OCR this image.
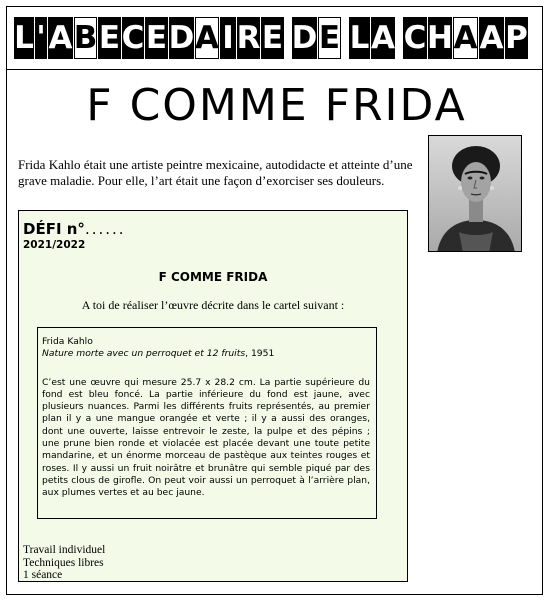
L ' A B E C E D A I R E D E L A C H A A P
F COMME FRIDA
Frida Kahlo était une artiste peintre mexicaine, autodidacte et atteinte d’une grave maladie. Pour elle, l’art était une façon d’exorciser ses douleurs.
DÉFI n°......
2021/2022
F COMME FRIDA
A toi de réaliser l’œuvre décrite dans le cartel suivant :
Frida Kahlo
Nature morte avec un perroquet et 12 fruits, 1951
C’est une œuvre qui mesure 25.7 x 28.2 cm. La partie supérieure du fond est bleu foncé. La partie inférieure du fond est jaune, avec plusieurs nuances. Parmi les différents fruits représentés, au premier plan il y a une mangue orangée et verte ; il y a aussi des oranges, dont une ouverte, laisse entrevoir le zeste, la pulpe et des pépins ; une prune bien ronde et violacée est placée devant une toute petite mandarine, et un énorme morceau de pastèque aux teintes rouges et roses. Il y aussi un fruit noirâtre et brunâtre qui semble piqué par des petits clous de girofle. On peut voir aussi un perroquet à l’arrière plan, aux plumes vertes et au bec jaune.
Travail individuel
Techniques libres
1 séance
